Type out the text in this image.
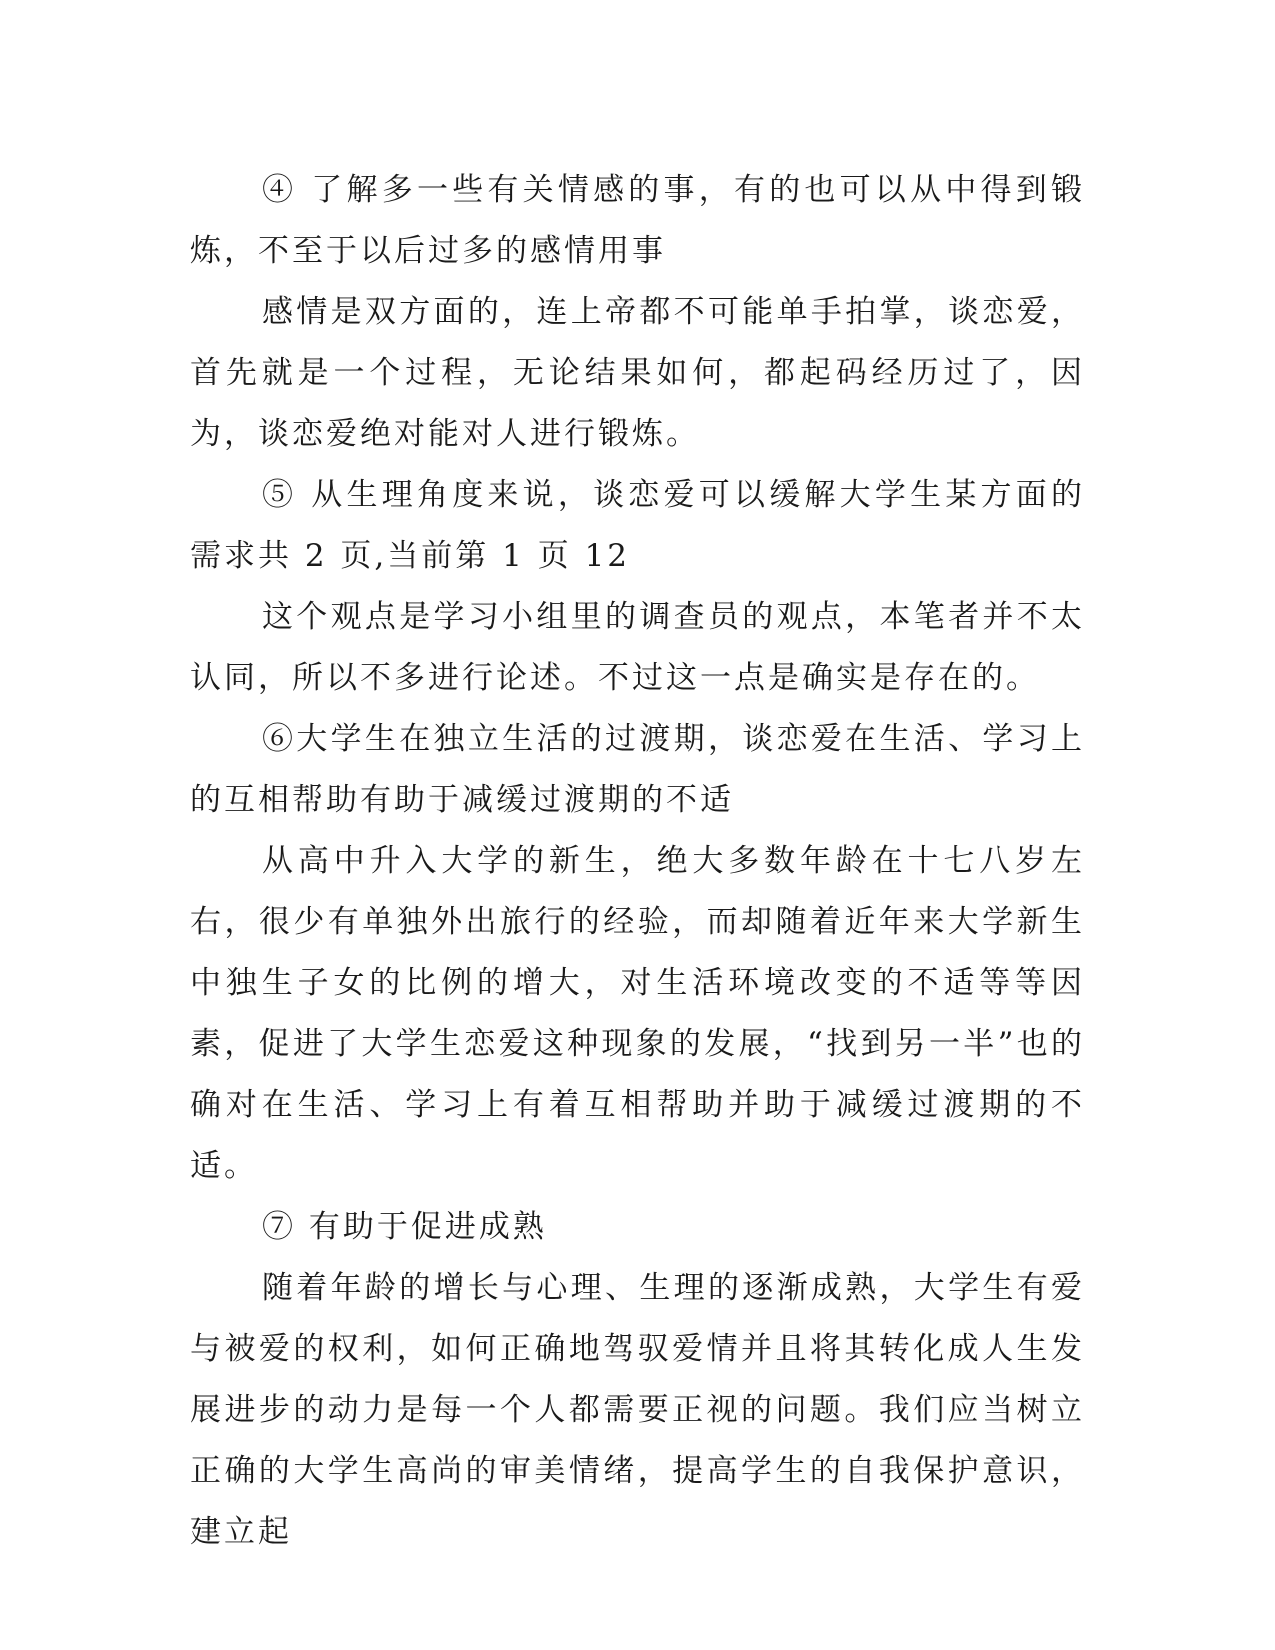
④ 了解多一些有关情感的事，有的也可以从中得到锻炼，不至于以后过多的感情用事

感情是双方面的，连上帝都不可能单手拍掌，谈恋爱，首先就是一个过程，无论结果如何，都起码经历过了，因为，谈恋爱绝对能对人进行锻炼。

⑤ 从生理角度来说，谈恋爱可以缓解大学生某方面的需求共 2 页,当前第 1 页 12

这个观点是学习小组里的调查员的观点，本笔者并不太认同，所以不多进行论述。不过这一点是确实是存在的。

⑥大学生在独立生活的过渡期，谈恋爱在生活、学习上的互相帮助有助于减缓过渡期的不适

从高中升入大学的新生，绝大多数年龄在十七八岁左右，很少有单独外出旅行的经验，而却随着近年来大学新生中独生子女的比例的增大，对生活环境改变的不适等等因素，促进了大学生恋爱这种现象的发展，“找到另一半”也的确对在生活、学习上有着互相帮助并助于减缓过渡期的不适。

⑦ 有助于促进成熟

随着年龄的增长与心理、生理的逐渐成熟，大学生有爱与被爱的权利，如何正确地驾驭爱情并且将其转化成人生发展进步的动力是每一个人都需要正视的问题。我们应当树立正确的大学生高尚的审美情绪，提高学生的自我保护意识，建立起
